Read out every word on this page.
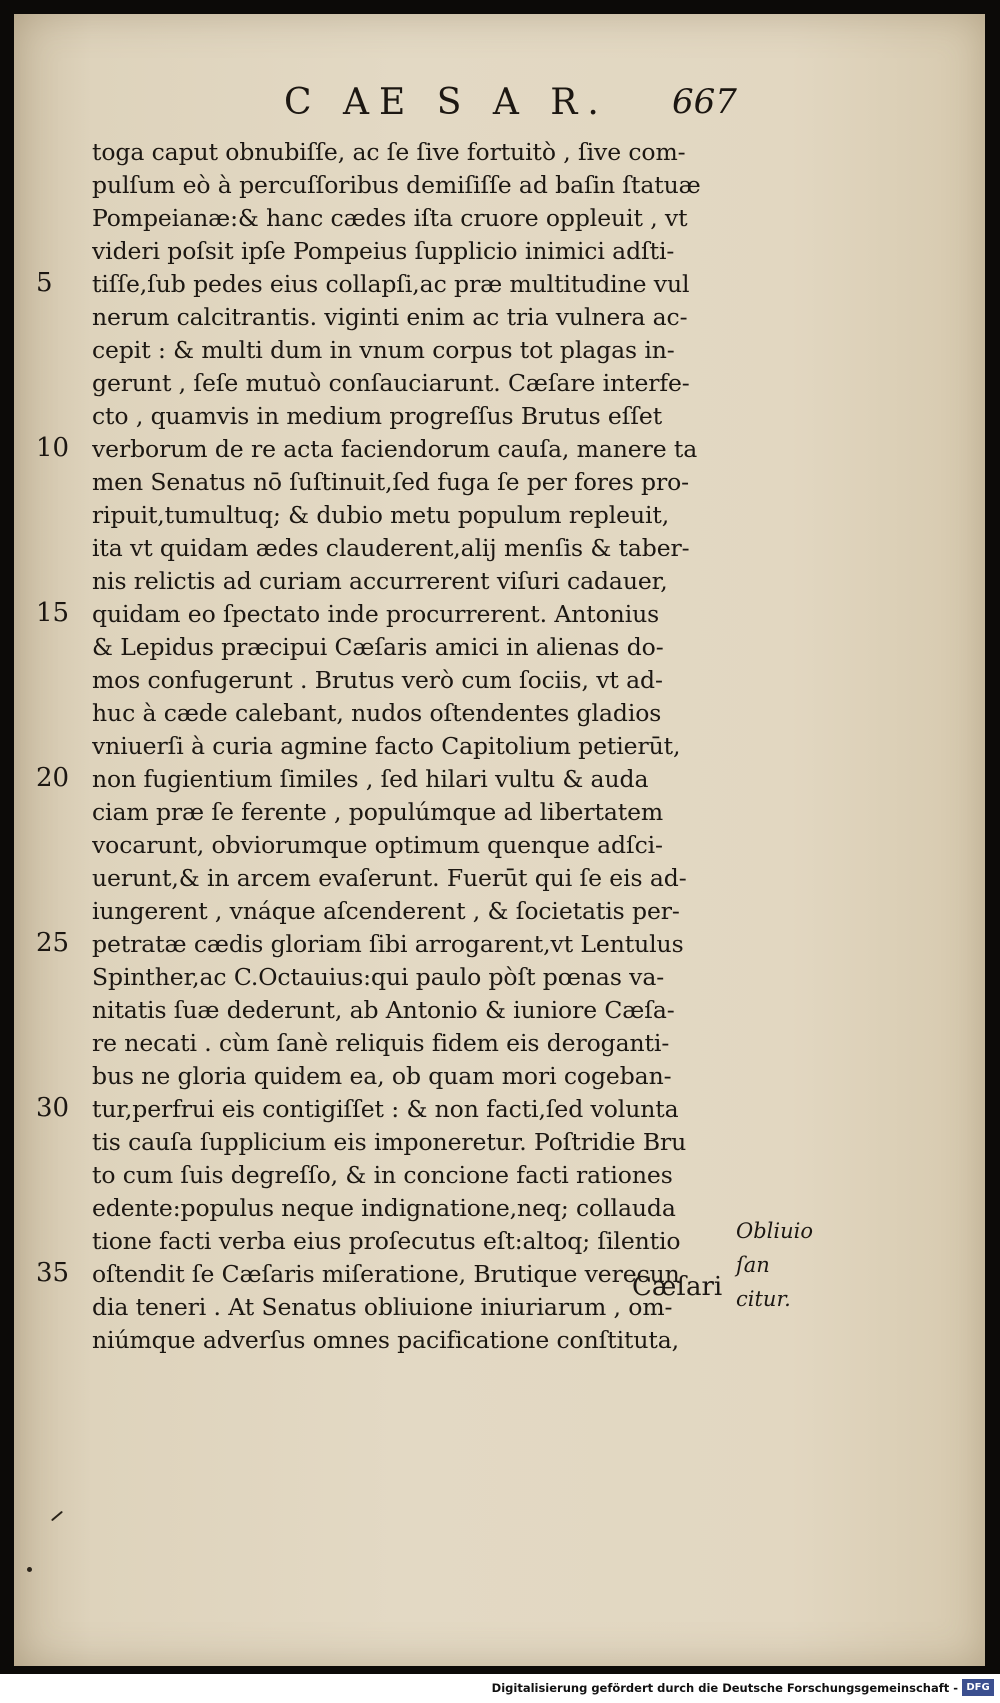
C AE S A R. 667
toga caput obnubiſſe, ac ſe ſive fortuitò , ſive com-
pulſum eò à percuſſoribus demiſiſſe ad baſin ſtatuæ
Pompeianæ:& hanc cædes iſta cruore oppleuit , vt
videri poſsit ipſe Pompeius ſupplicio inimici adſti-
5	tiſſe,ſub pedes eius collapſi,ac præ multitudine vul
nerum calcitrantis. viginti enim ac tria vulnera ac-
cepit : & multi dum in vnum corpus tot plagas in-
gerunt , ſeſe mutuò conſauciarunt. Cæſare interfe-
cto , quamvis in medium progreſſus Brutus eſſet
10 verborum de re acta faciendorum cauſa, manere ta
men Senatus nō ſuſtinuit,ſed fuga ſe per fores pro-
ripuit,tumultuq; & dubio metu populum repleuit,
ita vt quidam ædes clauderent,alij menſis & taber-
nis relictis ad curiam accurrerent viſuri cadauer,
15 quidam eo ſpectato inde procurrerent. Antonius
& Lepidus præcipui Cæſaris amici in alienas do-
mos confugerunt . Brutus verò cum ſociis, vt ad-
huc à cæde calebant, nudos oſtendentes gladios
vniuerſi à curia agmine facto Capitolium petierūt,
20 non fugientium ſimiles , ſed hilari vultu & auda
ciam præ ſe ferente , populúmque ad libertatem
vocarunt, obviorumque optimum quenque adſci-
uerunt,& in arcem evaſerunt. Fuerūt qui ſe eis ad-
iungerent , vnáque aſcenderent , & ſocietatis per-
25 petratæ cædis gloriam ſibi arrogarent,vt Lentulus
Spinther,ac C.Octauius:qui paulo pòſt pœnas va-
nitatis ſuæ dederunt, ab Antonio & iuniore Cæſa-
re necati . cùm ſanè reliquis fidem eis deroganti-
bus ne gloria quidem ea, ob quam mori cogeban-
30 tur,perfrui eis contigiſſet : & non facti,ſed volunta
tis cauſa ſupplicium eis imponeretur. Poſtridie Bru
to cum ſuis degreſſo, & in concione facti rationes
edente:populus neque indignatione,neq; collauda
tione facti verba eius proſecutus eſt:altoq; ſilentio
35 oſtendit ſe Cæſaris miſeratione, Brutique verecun
dia teneri . At Senatus obliuione iniuriarum , om-
niúmque adverſus omnes pacificatione conſtituta,
Cæſari
Obliuio ſan
citur.
Digitalisierung gefördert durch die Deutsche Forschungsgemeinschaft - DFG
